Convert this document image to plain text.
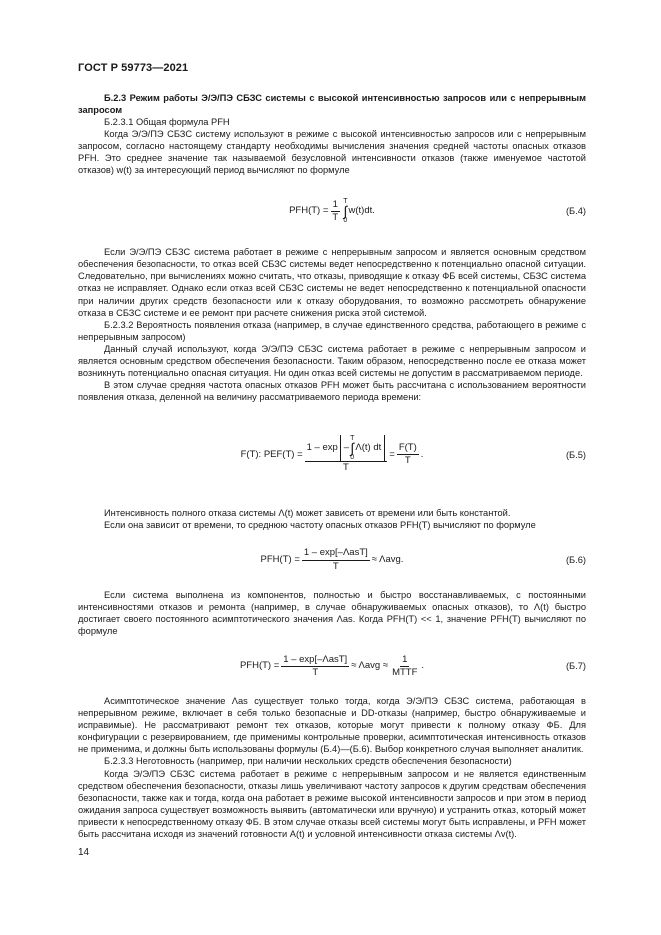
ГОСТ Р 59773—2021

Б.2.3 Режим работы Э/Э/ПЭ СБЗС системы с высокой интенсивностью запросов или с непрерывным запросом

Б.2.3.1 Общая формула PFH

Когда Э/Э/ПЭ СБЗС систему используют в режиме с высокой интенсивностью запросов или с непрерывным запросом, согласно настоящему стандарту необходимы вычисления значения средней частоты опасных отказов PFH. Это среднее значение так называемой безусловной интенсивности отказов (также именуемое частотой отказов) w(t) за интересующий период вычисляют по формуле

$PFH(T) = \frac{1}{T}$ T
∫
0
w(t)dt.	(Б.4)

Если Э/Э/ПЭ СБЗС система работает в режиме с непрерывным запросом и является основным средством обеспечения безопасности, то отказ всей СБЗС системы ведет непосредственно к потенциально опасной ситуации. Следовательно, при вычислениях можно считать, что отказы, приводящие к отказу ФБ всей системы, СБЗС система отказ не исправляет. Однако если отказ всей СБЗС системы не ведет непосредственно к потенциальной опасности при наличии других средств безопасности или к отказу оборудования, то возможно рассмотреть обнаружение отказа в СБЗС системе и ее ремонт при расчете снижения риска этой системой.

Б.2.3.2 Вероятность появления отказа (например, в случае единственного средства, работающего в режиме с непрерывным запросом)

Данный случай используют, когда Э/Э/ПЭ СБЗС система работает в режиме с непрерывным запросом и является основным средством обеспечения безопасности. Таким образом, непосредственно после ее отказа может возникнуть потенциально опасная ситуация. Ни один отказ всей системы не допустим в рассматриваемом периоде.

В этом случае средняя частота опасных отказов PFH может быть рассчитана с использованием вероятности появления отказа, деленной на величину рассматриваемого периода времени:

F(T): PEF(T) =
1 – exp –
T
∫
0
Λ(t) dt
T
= $\frac{F(T)}{T}$ .	(Б.5)

Интенсивность полного отказа системы Λ(t) может зависеть от времени или быть константой.

Если она зависит от времени, то среднюю частоту опасных отказов PFH(T) вычисляют по формуле

$PFH(T) = \frac{\text{1 – exp[–ΛasT]}}{T} \approx \Lambda avg$.	(Б.6)

Если система выполнена из компонентов, полностью и быстро восстанавливаемых, с постоянными интенсивностями отказов и ремонта (например, в случае обнаруживаемых опасных отказов), то Λ(t) быстро достигает своего постоянного асимптотического значения Λas. Когда PFH(T) << 1, значение PFH(T) вычисляют по формуле

$PFH(T) = \frac{\text{1 – exp[–ΛasT]}}{T} \approx \Lambda avg \approx \frac{1}{\text{MTTF}}$ .	(Б.7)

Асимптотическое значение Λas существует только тогда, когда Э/Э/ПЭ СБЗС система, работающая в непрерывном режиме, включает в себя только безопасные и DD-отказы (например, быстро обнаруживаемые и исправимые). Не рассматривают ремонт тех отказов, которые могут привести к полному отказу ФБ. Для конфигурации с резервированием, где применимы контрольные проверки, асимптотическая интенсивность отказов не применима, и должны быть использованы формулы (Б.4)—(Б.6). Выбор конкретного случая выполняет аналитик.

Б.2.3.3 Неготовность (например, при наличии нескольких средств обеспечения безопасности)

Когда Э/Э/ПЭ СБЗС система работает в режиме с непрерывным запросом и не является единственным средством обеспечения безопасности, отказы лишь увеличивают частоту запросов к другим средствам обеспечения безопасности, также как и тогда, когда она работает в режиме высокой интенсивности запросов и при этом в период ожидания запроса существует возможность выявить (автоматически или вручную) и устранить отказ, который может привести к непосредственному отказу ФБ. В этом случае отказы всей системы могут быть исправлены, и PFH может быть рассчитана исходя из значений готовности A(t) и условной интенсивности отказа системы Λv(t).

14
